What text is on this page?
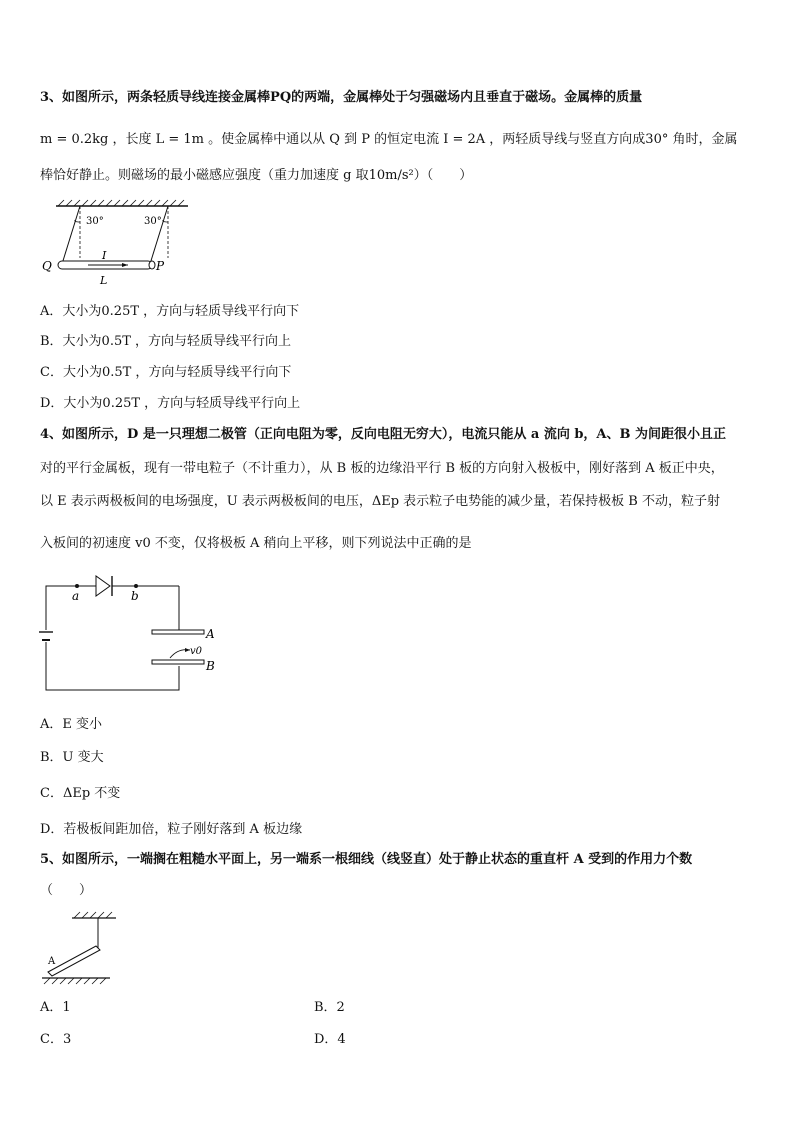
3、如图所示，两条轻质导线连接金属棒PQ的两端，金属棒处于匀强磁场内且垂直于磁场。金属棒的质量
m = 0.2kg ，长度 L = 1m 。使金属棒中通以从 Q 到 P 的恒定电流 I = 2A ，两轻质导线与竖直方向成30° 角时，金属
棒恰好静止。则磁场的最小磁感应强度（重力加速度 g 取10m/s²）（　　）
30°	30°
Q	P
I
L
A．大小为0.25T ，方向与轻质导线平行向下
B．大小为0.5T ，方向与轻质导线平行向上
C．大小为0.5T ，方向与轻质导线平行向下
D．大小为0.25T ，方向与轻质导线平行向上
4、如图所示，D 是一只理想二极管（正向电阻为零，反向电阻无穷大），电流只能从 a 流向 b，A、B 为间距很小且正
对的平行金属板，现有一带电粒子（不计重力），从 B 板的边缘沿平行 B 板的方向射入极板中，刚好落到 A 板正中央，
以 E 表示两极板间的电场强度，U 表示两极板间的电压，ΔEp 表示粒子电势能的减少量，若保持极板 B 不动，粒子射
入板间的初速度 v0 不变，仅将极板 A 稍向上平移，则下列说法中正确的是
a	b
A
B
v0
A．E 变小
B．U 变大
C．ΔEp 不变
D．若极板间距加倍，粒子刚好落到 A 板边缘
5、如图所示，一端搁在粗糙水平面上，另一端系一根细线（线竖直）处于静止状态的重直杆 A 受到的作用力个数
（　　）
A
A．1	B．2
C．3	D．4
